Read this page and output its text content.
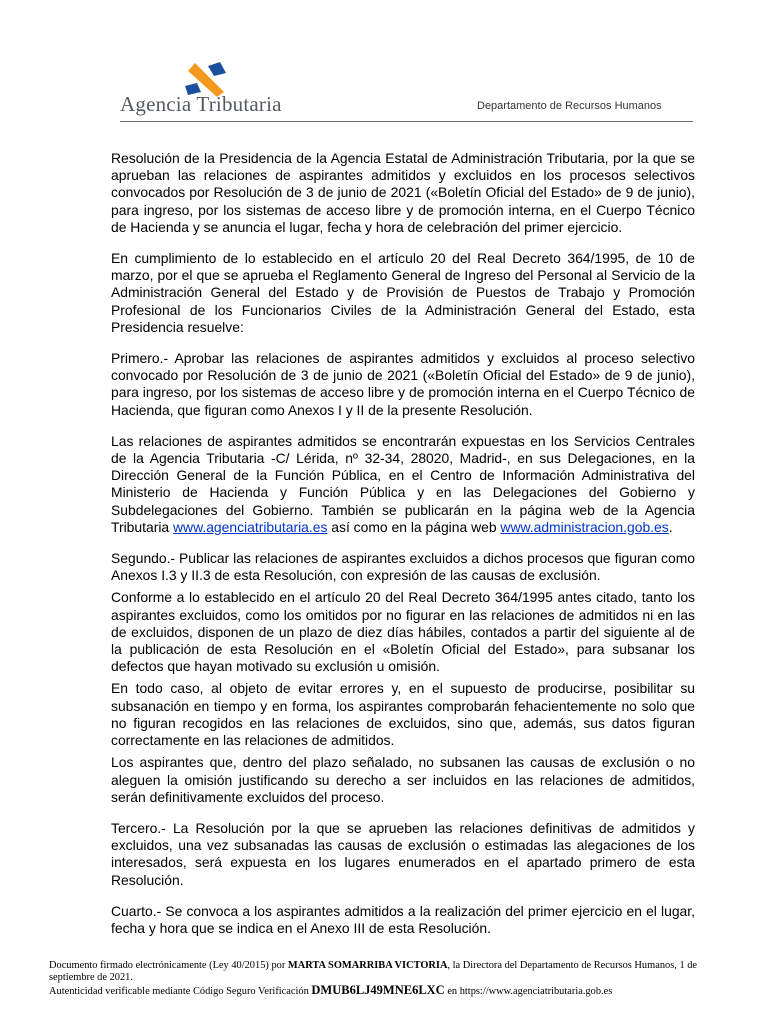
Agencia Tributaria	Departamento de Recursos Humanos

Resolución de la Presidencia de la Agencia Estatal de Administración Tributaria, por la que se aprueban las relaciones de aspirantes admitidos y excluidos en los procesos selectivos convocados por Resolución de 3 de junio de 2021 («Boletín Oficial del Estado» de 9 de junio), para ingreso, por los sistemas de acceso libre y de promoción interna, en el Cuerpo Técnico de Hacienda y se anuncia el lugar, fecha y hora de celebración del primer ejercicio.

En cumplimiento de lo establecido en el artículo 20 del Real Decreto 364/1995, de 10 de marzo, por el que se aprueba el Reglamento General de Ingreso del Personal al Servicio de la Administración General del Estado y de Provisión de Puestos de Trabajo y Promoción Profesional de los Funcionarios Civiles de la Administración General del Estado, esta Presidencia resuelve:

Primero.- Aprobar las relaciones de aspirantes admitidos y excluidos al proceso selectivo convocado por Resolución de 3 de junio de 2021 («Boletín Oficial del Estado» de 9 de junio), para ingreso, por los sistemas de acceso libre y de promoción interna en el Cuerpo Técnico de Hacienda, que figuran como Anexos I y II de la presente Resolución.

Las relaciones de aspirantes admitidos se encontrarán expuestas en los Servicios Centrales de la Agencia Tributaria -C/ Lérida, nº 32-34, 28020, Madrid-, en sus Delegaciones, en la Dirección General de la Función Pública, en el Centro de Información Administrativa del Ministerio de Hacienda y Función Pública y en las Delegaciones del Gobierno y Subdelegaciones del Gobierno. También se publicarán en la página web de la Agencia Tributaria www.agenciatributaria.es así como en la página web www.administracion.gob.es.

Segundo.- Publicar las relaciones de aspirantes excluidos a dichos procesos que figuran como Anexos I.3 y II.3 de esta Resolución, con expresión de las causas de exclusión.

Conforme a lo establecido en el artículo 20 del Real Decreto 364/1995 antes citado, tanto los aspirantes excluidos, como los omitidos por no figurar en las relaciones de admitidos ni en las de excluidos, disponen de un plazo de diez días hábiles, contados a partir del siguiente al de la publicación de esta Resolución en el «Boletín Oficial del Estado», para subsanar los defectos que hayan motivado su exclusión u omisión.

En todo caso, al objeto de evitar errores y, en el supuesto de producirse, posibilitar su subsanación en tiempo y en forma, los aspirantes comprobarán fehacientemente no solo que no figuran recogidos en las relaciones de excluidos, sino que, además, sus datos figuran correctamente en las relaciones de admitidos.

Los aspirantes que, dentro del plazo señalado, no subsanen las causas de exclusión o no aleguen la omisión justificando su derecho a ser incluidos en las relaciones de admitidos, serán definitivamente excluidos del proceso.

Tercero.- La Resolución por la que se aprueben las relaciones definitivas de admitidos y excluidos, una vez subsanadas las causas de exclusión o estimadas las alegaciones de los interesados, será expuesta en los lugares enumerados en el apartado primero de esta Resolución.

Cuarto.- Se convoca a los aspirantes admitidos a la realización del primer ejercicio en el lugar, fecha y hora que se indica en el Anexo III de esta Resolución.

Documento firmado electrónicamente (Ley 40/2015) por MARTA SOMARRIBA VICTORIA, la Directora del Departamento de Recursos Humanos, 1 de septiembre de 2021.
Autenticidad verificable mediante Código Seguro Verificación DMUB6LJ49MNE6LXC en https://www.agenciatributaria.gob.es
